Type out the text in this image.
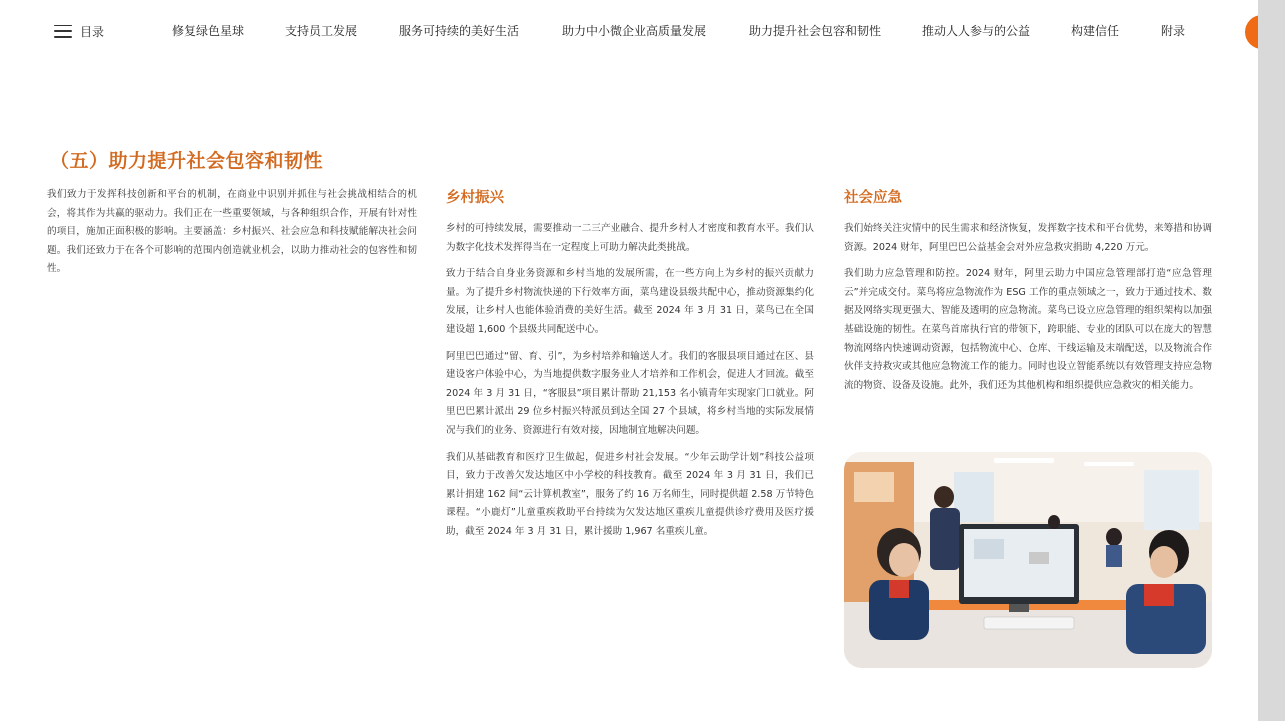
目录	修复绿色星球	支持员工发展	服务可持续的美好生活	助力中小微企业高质量发展	助力提升社会包容和韧性	推动人人参与的公益	构建信任	附录
（五）助力提升社会包容和韧性

我们致力于发挥科技创新和平台的机制，在商业中识别并抓住与社会挑战相结合的机会，将其作为共赢的驱动力。我们正在一些重要领域，与各种组织合作，开展有针对性的项目，施加正面积极的影响。主要涵盖：乡村振兴、社会应急和科技赋能解决社会问题。我们还致力于在各个可影响的范围内创造就业机会，以助力推动社会的包容性和韧性。

乡村振兴

乡村的可持续发展，需要推动一二三产业融合、提升乡村人才密度和教育水平。我们认为数字化技术发挥得当在一定程度上可助力解决此类挑战。

致力于结合自身业务资源和乡村当地的发展所需，在一些方向上为乡村的振兴贡献力量。为了提升乡村物流快递的下行效率方面，菜鸟建设县级共配中心，推动资源集约化发展，让乡村人也能体验消费的美好生活。截至 2024 年 3 月 31 日，菜鸟已在全国建设超 1,600 个县级共同配送中心。

阿里巴巴通过“留、育、引”，为乡村培养和输送人才。我们的客服县项目通过在区、县建设客户体验中心，为当地提供数字服务业人才培养和工作机会，促进人才回流。截至 2024 年 3 月 31 日，“客服县”项目累计帮助 21,153 名小镇青年实现家门口就业。阿里巴巴累计派出 29 位乡村振兴特派员到达全国 27 个县域，将乡村当地的实际发展情况与我们的业务、资源进行有效对接，因地制宜地解决问题。

我们从基础教育和医疗卫生做起，促进乡村社会发展。“少年云助学计划”科技公益项目，致力于改善欠发达地区中小学校的科技教育。截至 2024 年 3 月 31 日，我们已累计捐建 162 间“云计算机教室”，服务了约 16 万名师生，同时提供超 2.58 万节特色课程。“小鹿灯”儿童重疾救助平台持续为欠发达地区重疾儿童提供诊疗费用及医疗援助，截至 2024 年 3 月 31 日，累计援助 1,967 名重疾儿童。

社会应急

我们始终关注灾情中的民生需求和经济恢复，发挥数字技术和平台优势，来筹措和协调资源。2024 财年，阿里巴巴公益基金会对外应急救灾捐助 4,220 万元。

我们助力应急管理和防控。2024 财年，阿里云助力中国应急管理部打造“应急管理云”并完成交付。菜鸟将应急物流作为 ESG 工作的重点领域之一，致力于通过技术、数据及网络实现更强大、智能及透明的应急物流。菜鸟已设立应急管理的组织架构以加强基础设施的韧性。在菜鸟首席执行官的带领下，跨职能、专业的团队可以在庞大的智慧物流网络内快速调动资源，包括物流中心、仓库、干线运输及末端配送，以及物流合作伙伴支持救灾或其他应急物流工作的能力。同时也设立智能系统以有效管理支持应急物流的物资、设备及设施。此外，我们还为其他机构和组织提供应急救灾的相关能力。
